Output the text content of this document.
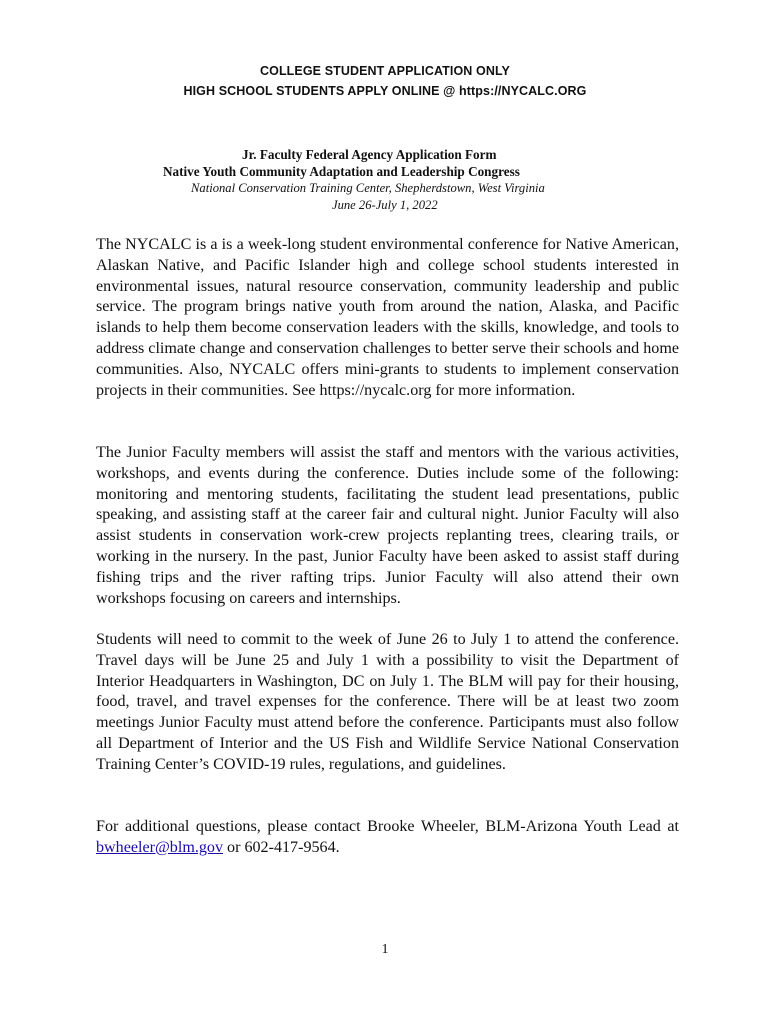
COLLEGE STUDENT APPLICATION ONLY
HIGH SCHOOL STUDENTS APPLY ONLINE @ https://NYCALC.ORG
Jr. Faculty Federal Agency Application Form
Native Youth Community Adaptation and Leadership Congress
National Conservation Training Center, Shepherdstown, West Virginia
June 26-July 1, 2022

The NYCALC is a is a week-long student environmental conference for Native American, Alaskan Native, and Pacific Islander high and college school students interested in environmental issues, natural resource conservation, community leadership and public service. The program brings native youth from around the nation, Alaska, and Pacific islands to help them become conservation leaders with the skills, knowledge, and tools to address climate change and conservation challenges to better serve their schools and home communities. Also, NYCALC offers mini-grants to students to implement conservation projects in their communities. See https://nycalc.org for more information.

The Junior Faculty members will assist the staff and mentors with the various activities, workshops, and events during the conference. Duties include some of the following: monitoring and mentoring students, facilitating the student lead presentations, public speaking, and assisting staff at the career fair and cultural night. Junior Faculty will also assist students in conservation work-crew projects replanting trees, clearing trails, or working in the nursery. In the past, Junior Faculty have been asked to assist staff during fishing trips and the river rafting trips. Junior Faculty will also attend their own workshops focusing on careers and internships.

Students will need to commit to the week of June 26 to July 1 to attend the conference. Travel days will be June 25 and July 1 with a possibility to visit the Department of Interior Headquarters in Washington, DC on July 1. The BLM will pay for their housing, food, travel, and travel expenses for the conference. There will be at least two zoom meetings Junior Faculty must attend before the conference. Participants must also follow all Department of Interior and the US Fish and Wildlife Service National Conservation Training Center’s COVID-19 rules, regulations, and guidelines.

For additional questions, please contact Brooke Wheeler, BLM-Arizona Youth Lead at bwheeler@blm.gov or 602-417-9564.

1
